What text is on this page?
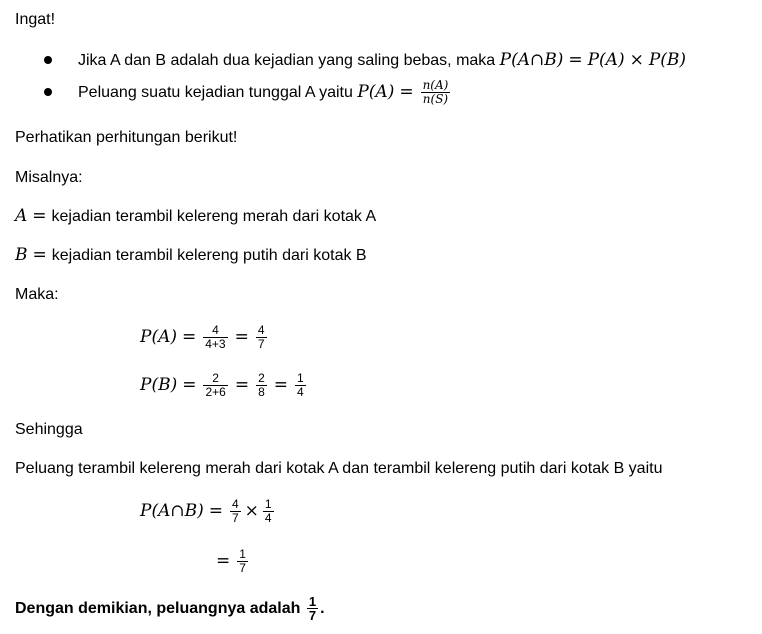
Ingat!
Jika A dan B adalah dua kejadian yang saling bebas, maka P(A∩B) = P(A) × P(B)
Peluang suatu kejadian tunggal A yaitu $P(A) = \frac{n(A)}{n(S)}$
Perhatikan perhitungan berikut!
Misalnya:
A = kejadian terambil kelereng merah dari kotak A
B = kejadian terambil kelereng putih dari kotak B
Maka:
$P(A) = \frac{4}{4+3} = \frac{4}{7}$
$P(B) = \frac{2}{2+6} = \frac{2}{8} = \frac{1}{4}$
Sehingga
Peluang terambil kelereng merah dari kotak A dan terambil kelereng putih dari kotak B yaitu
P(A∩B) = $\frac{4}{7} \times \frac{1}{4}$
= $\frac{1}{7}$
Dengan demikian, peluangnya adalah $\frac{1}{7}$ .
